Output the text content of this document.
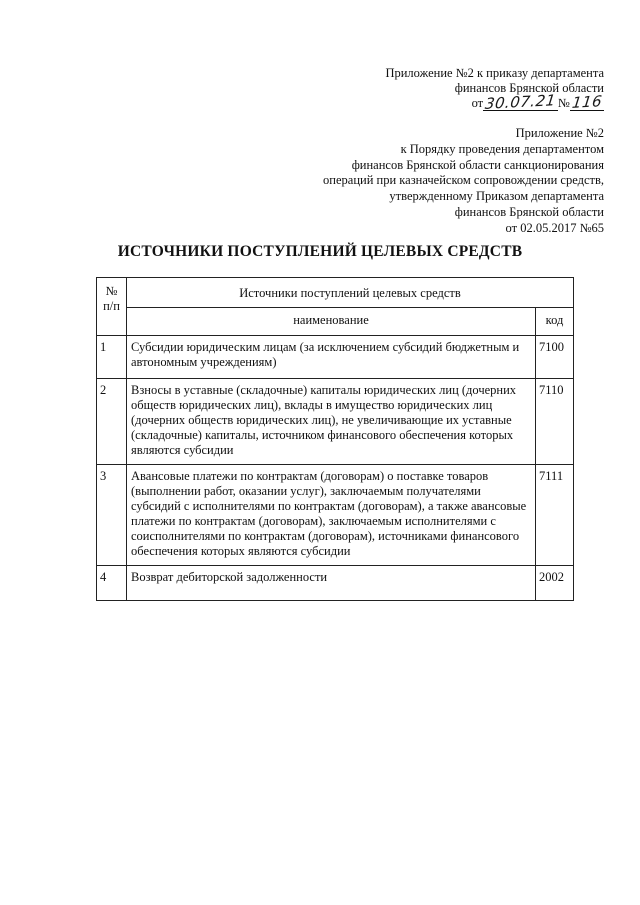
Приложение №2 к приказу департамента
финансов Брянской области
от30.07.21№116
Приложение №2
к Порядку проведения департаментом
финансов Брянской области санкционирования
операций при казначейском сопровождении средств,
утвержденному Приказом департамента
финансов Брянской области
от 02.05.2017 №65
ИСТОЧНИКИ ПОСТУПЛЕНИЙ ЦЕЛЕВЫХ СРЕДСТВ
№ п/п	Источники поступлений целевых средств	
	наименование	код
1	Субсидии юридическим лицам (за исключением субсидий бюджетным и автономным учреждениям)	7100
2	Взносы в уставные (складочные) капиталы юридических лиц (дочерних обществ юридических лиц), вклады в имущество юридических лиц (дочерних обществ юридических лиц), не увеличивающие их уставные (складочные) капиталы, источником финансового обеспечения которых являются субсидии	7110
3	Авансовые платежи по контрактам (договорам) о поставке товаров (выполнении работ, оказании услуг), заключаемым получателями субсидий с исполнителями по контрактам (договорам), а также авансовые платежи по контрактам (договорам), заключаемым исполнителями с соисполнителями по контрактам (договорам), источниками финансового обеспечения которых являются субсидии	7111
4	Возврат дебиторской задолженности	2002
